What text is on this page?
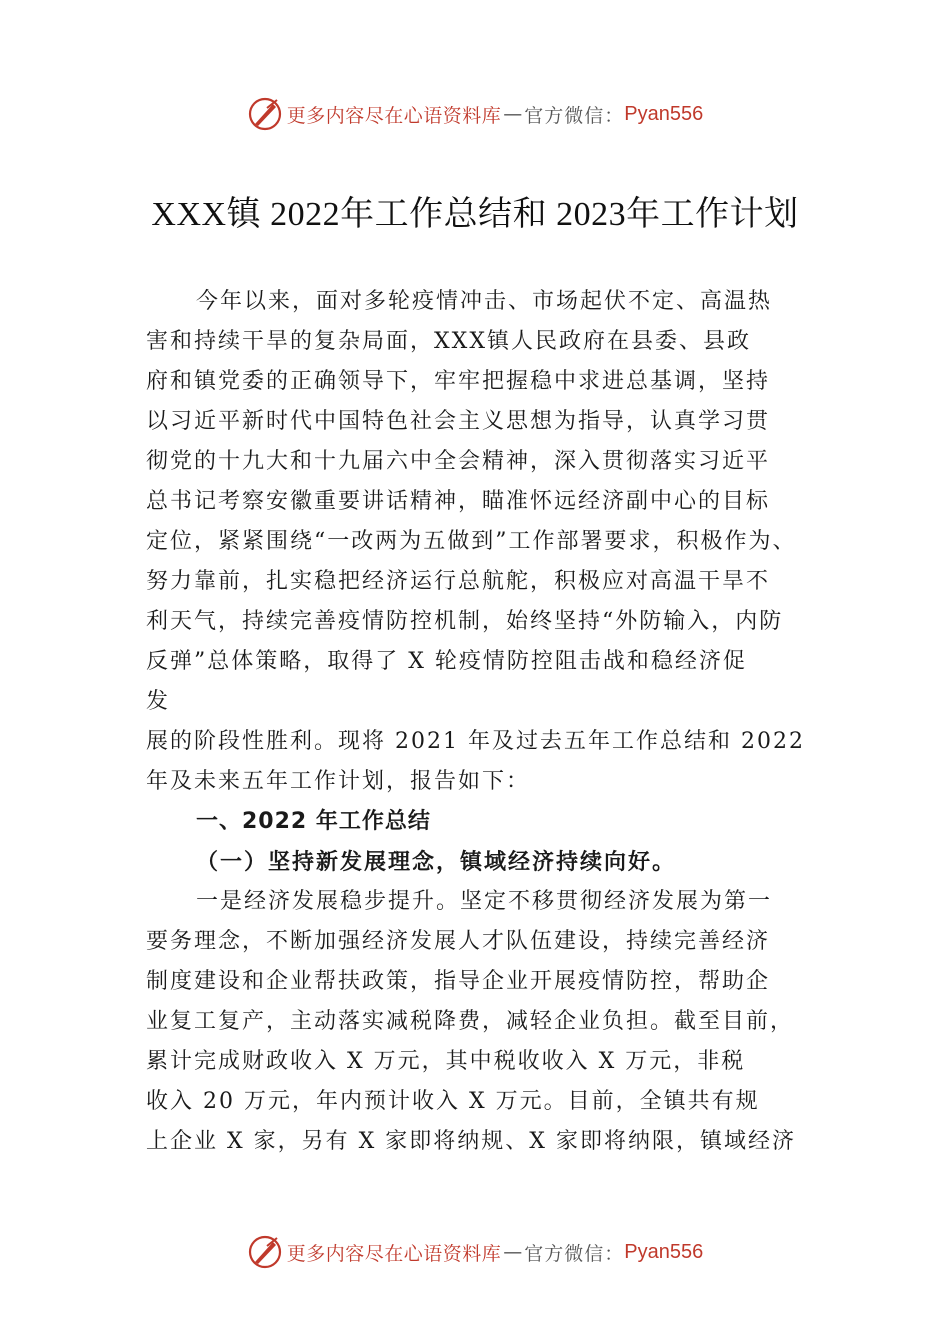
更多内容尽在心语资料库 — 官方微信： Pyan556
XXX镇 2022年工作总结和 2023年工作计划
今年以来，面对多轮疫情冲击、市场起伏不定、高温热
害和持续干旱的复杂局面，XXX镇人民政府在县委、县政
府和镇党委的正确领导下，牢牢把握稳中求进总基调，坚持
以习近平新时代中国特色社会主义思想为指导，认真学习贯
彻党的十九大和十九届六中全会精神，深入贯彻落实习近平
总书记考察安徽重要讲话精神，瞄准怀远经济副中心的目标
定位，紧紧围绕“一改两为五做到”工作部署要求，积极作为、
努力靠前，扎实稳把经济运行总航舵，积极应对高温干旱不
利天气，持续完善疫情防控机制，始终坚持“外防输入，内防
反弹”总体策略，取得了 X 轮疫情防控阻击战和稳经济促
发
展的阶段性胜利。现将 2021 年及过去五年工作总结和 2022
年及未来五年工作计划，报告如下：
一、2022 年工作总结
（一）坚持新发展理念，镇域经济持续向好。
一是经济发展稳步提升。坚定不移贯彻经济发展为第一
要务理念，不断加强经济发展人才队伍建设，持续完善经济
制度建设和企业帮扶政策，指导企业开展疫情防控，帮助企
业复工复产，主动落实减税降费，减轻企业负担。截至目前，
累计完成财政收入 X 万元，其中税收收入 X 万元，非税
收入 20 万元，年内预计收入 X 万元。目前，全镇共有规
上企业 X 家，另有 X 家即将纳规、X 家即将纳限，镇域经济
更多内容尽在心语资料库 — 官方微信： Pyan556
